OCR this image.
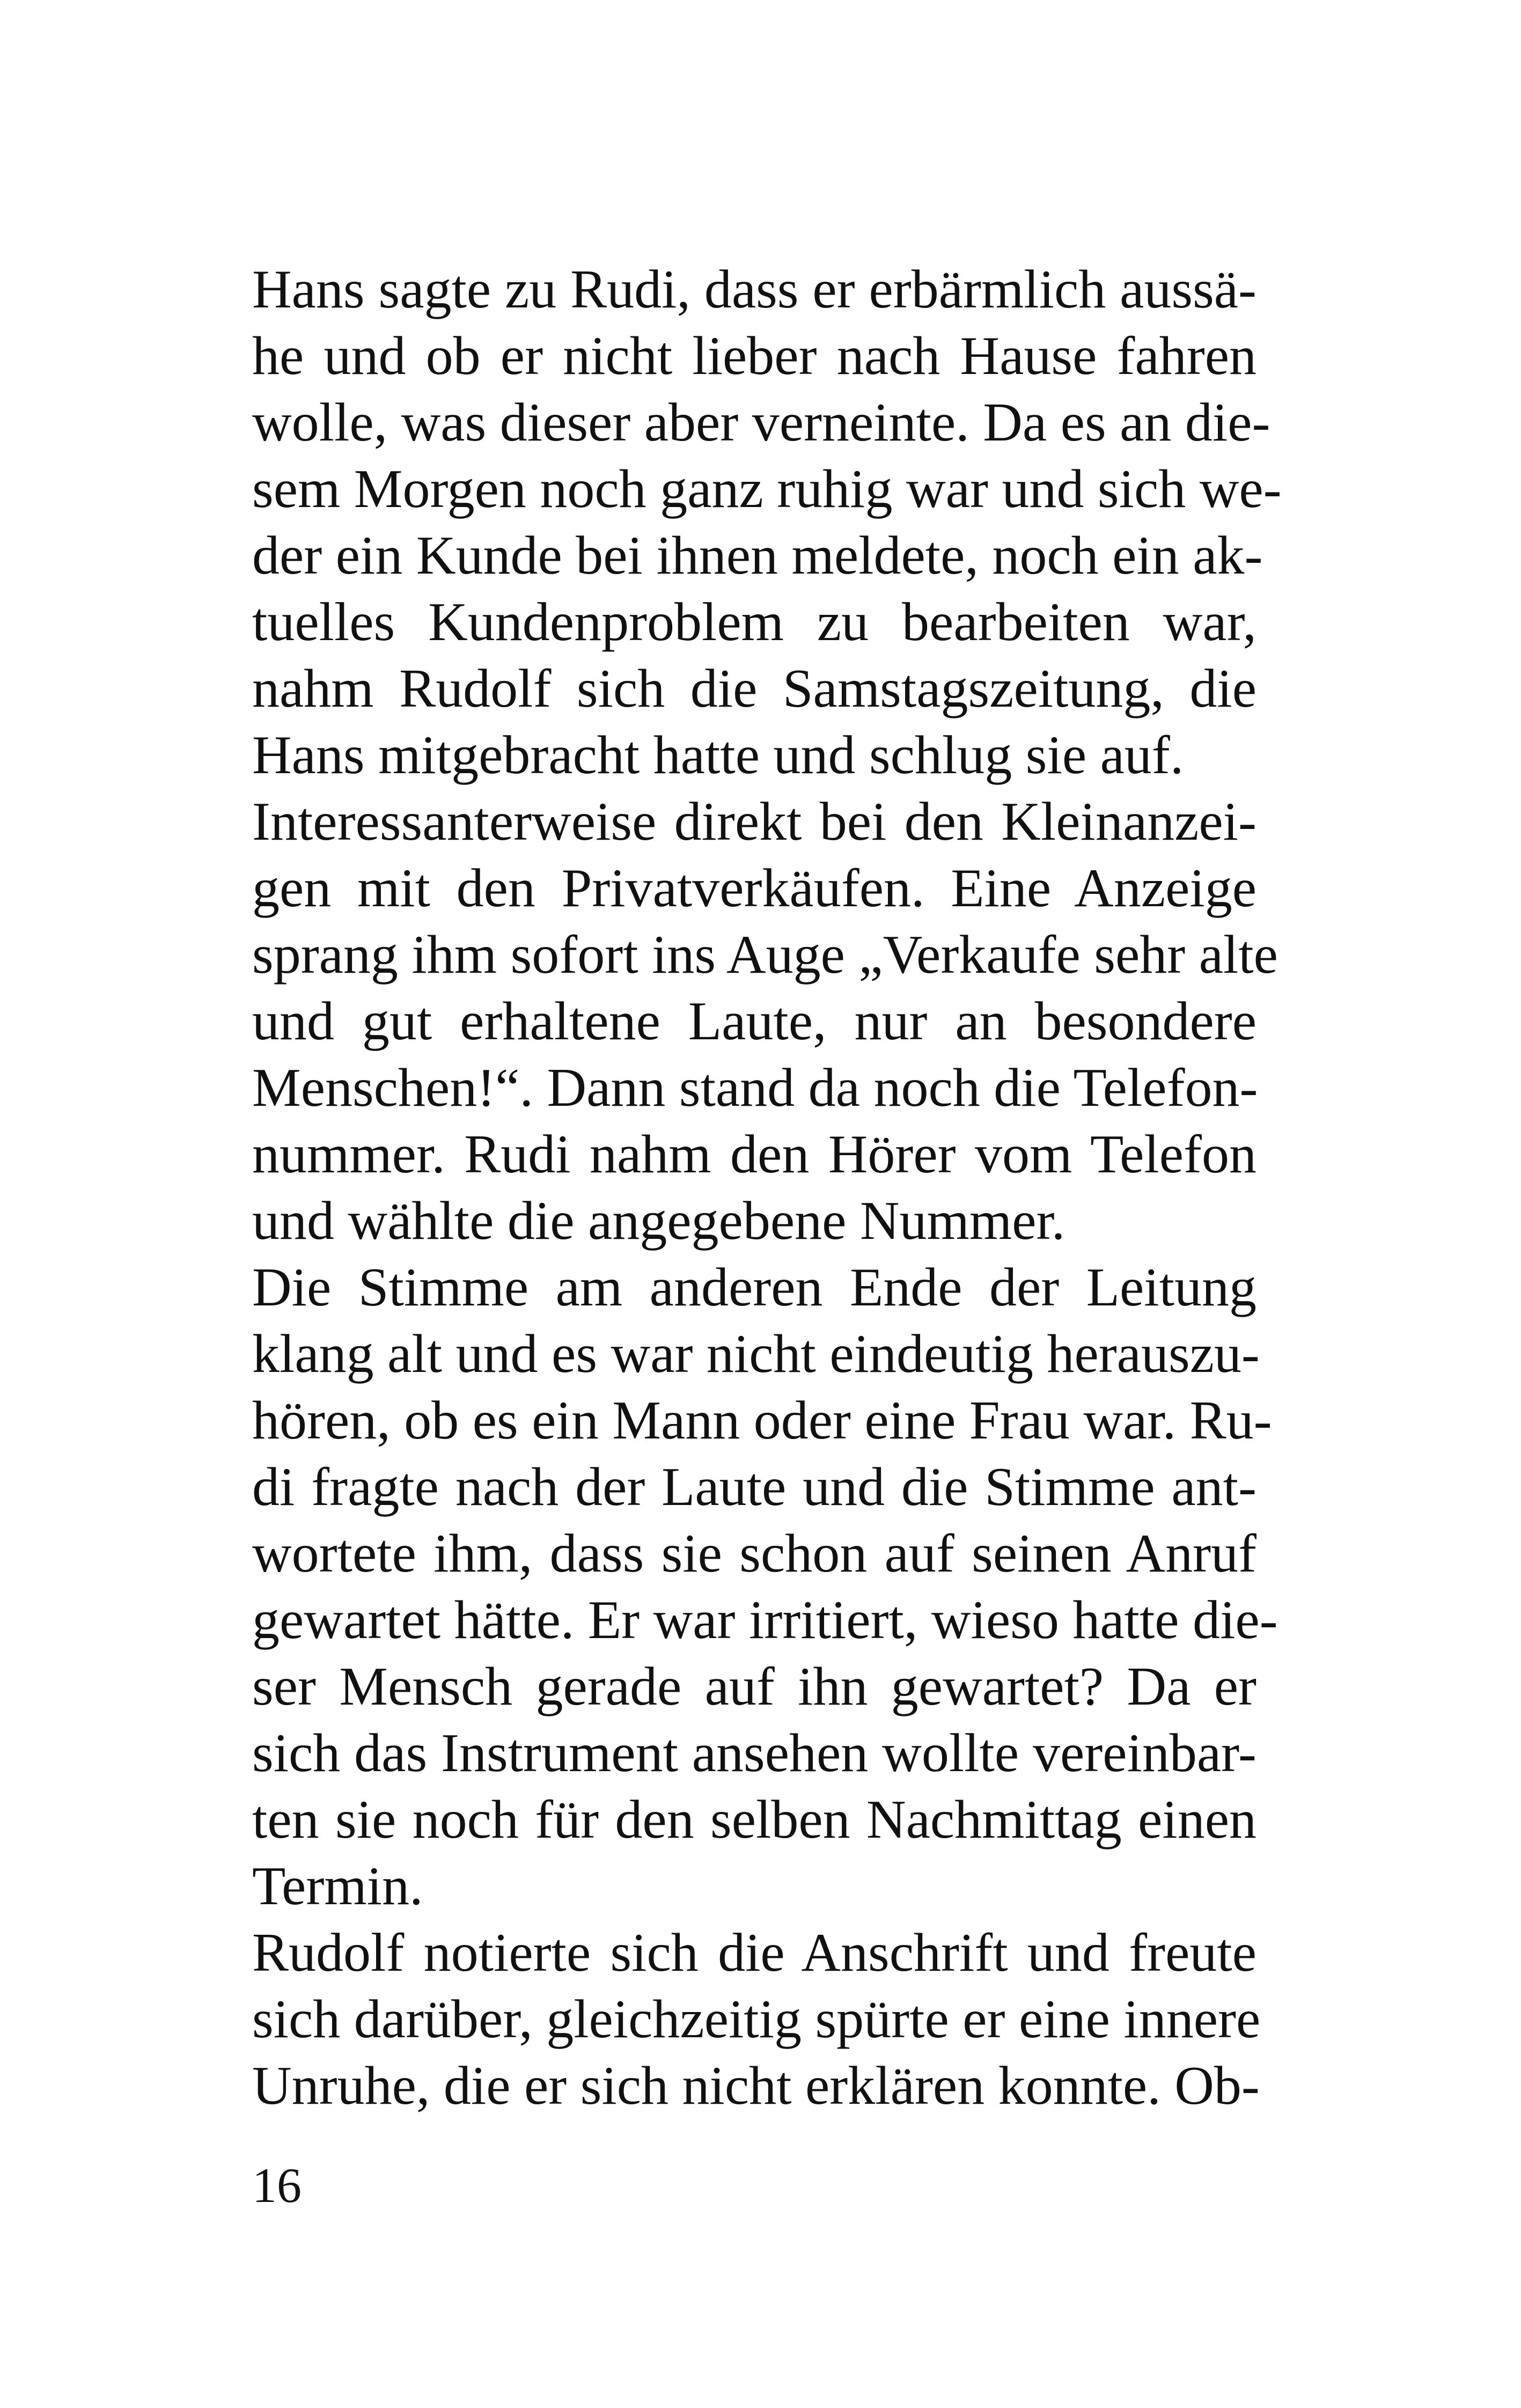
Hans sagte zu Rudi, dass er erbärmlich aussä-
he und ob er nicht lieber nach Hause fahren
wolle, was dieser aber verneinte. Da es an die-
sem Morgen noch ganz ruhig war und sich we-
der ein Kunde bei ihnen meldete, noch ein ak-
tuelles Kundenproblem zu bearbeiten war,
nahm Rudolf sich die Samstagszeitung, die
Hans mitgebracht hatte und schlug sie auf.
Interessanterweise direkt bei den Kleinanzei-
gen mit den Privatverkäufen. Eine Anzeige
sprang ihm sofort ins Auge „Verkaufe sehr alte
und gut erhaltene Laute, nur an besondere
Menschen!“. Dann stand da noch die Telefon-
nummer. Rudi nahm den Hörer vom Telefon
und wählte die angegebene Nummer.
Die Stimme am anderen Ende der Leitung
klang alt und es war nicht eindeutig herauszu-
hören, ob es ein Mann oder eine Frau war. Ru-
di fragte nach der Laute und die Stimme ant-
wortete ihm, dass sie schon auf seinen Anruf
gewartet hätte. Er war irritiert, wieso hatte die-
ser Mensch gerade auf ihn gewartet? Da er
sich das Instrument ansehen wollte vereinbar-
ten sie noch für den selben Nachmittag einen
Termin.
Rudolf notierte sich die Anschrift und freute
sich darüber, gleichzeitig spürte er eine innere
Unruhe, die er sich nicht erklären konnte. Ob-
16
